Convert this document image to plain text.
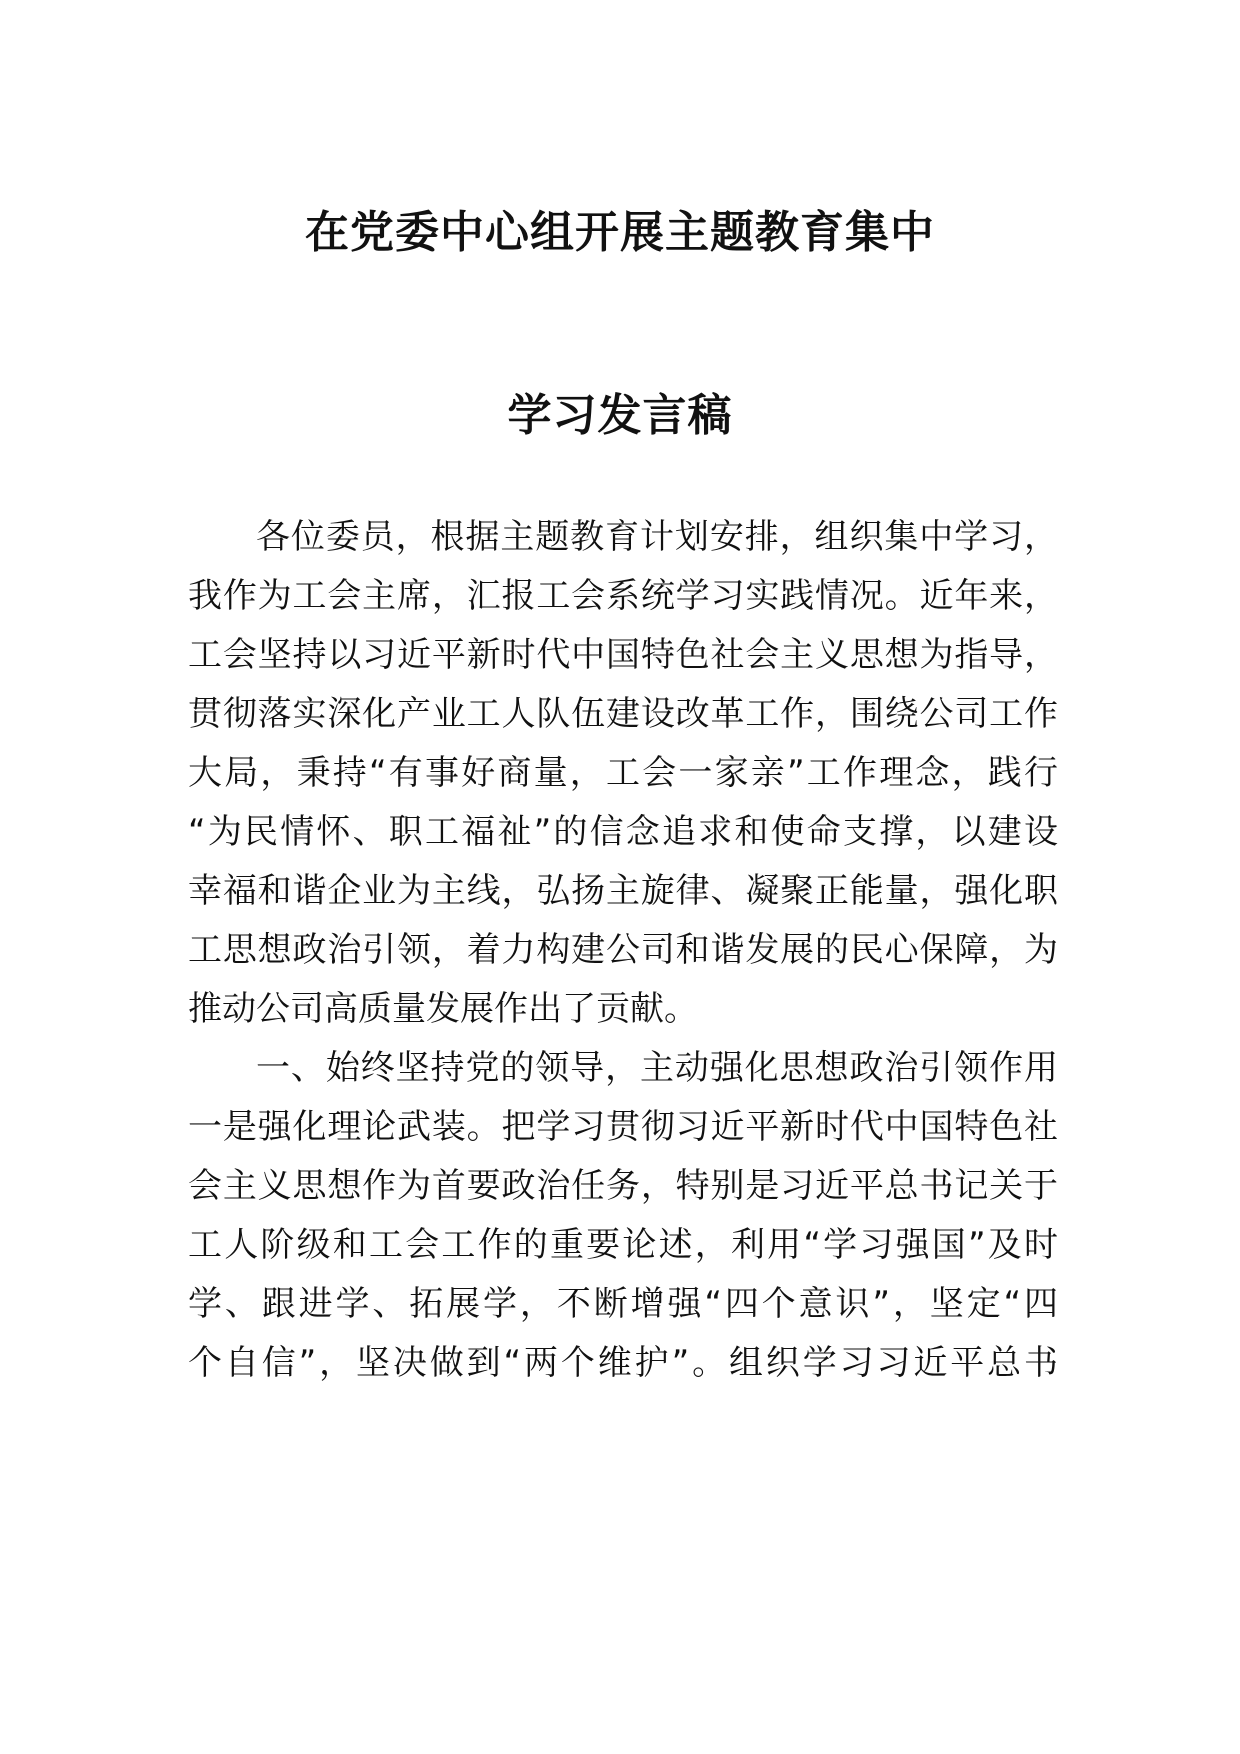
在党委中心组开展主题教育集中
学习发言稿
各位委员，根据主题教育计划安排，组织集中学习，
我作为工会主席，汇报工会系统学习实践情况。近年来，
工会坚持以习近平新时代中国特色社会主义思想为指导，
贯彻落实深化产业工人队伍建设改革工作，围绕公司工作
大局，秉持“有事好商量，工会一家亲”工作理念，践行
“为民情怀、职工福祉”的信念追求和使命支撑，以建设
幸福和谐企业为主线，弘扬主旋律、凝聚正能量，强化职
工思想政治引领，着力构建公司和谐发展的民心保障，为
推动公司高质量发展作出了贡献。
一、始终坚持党的领导，主动强化思想政治引领作用
一是强化理论武装。把学习贯彻习近平新时代中国特色社
会主义思想作为首要政治任务，特别是习近平总书记关于
工人阶级和工会工作的重要论述，利用“学习强国”及时
学、跟进学、拓展学，不断增强“四个意识”，坚定“四
个自信”，坚决做到“两个维护”。组织学习习近平总书
